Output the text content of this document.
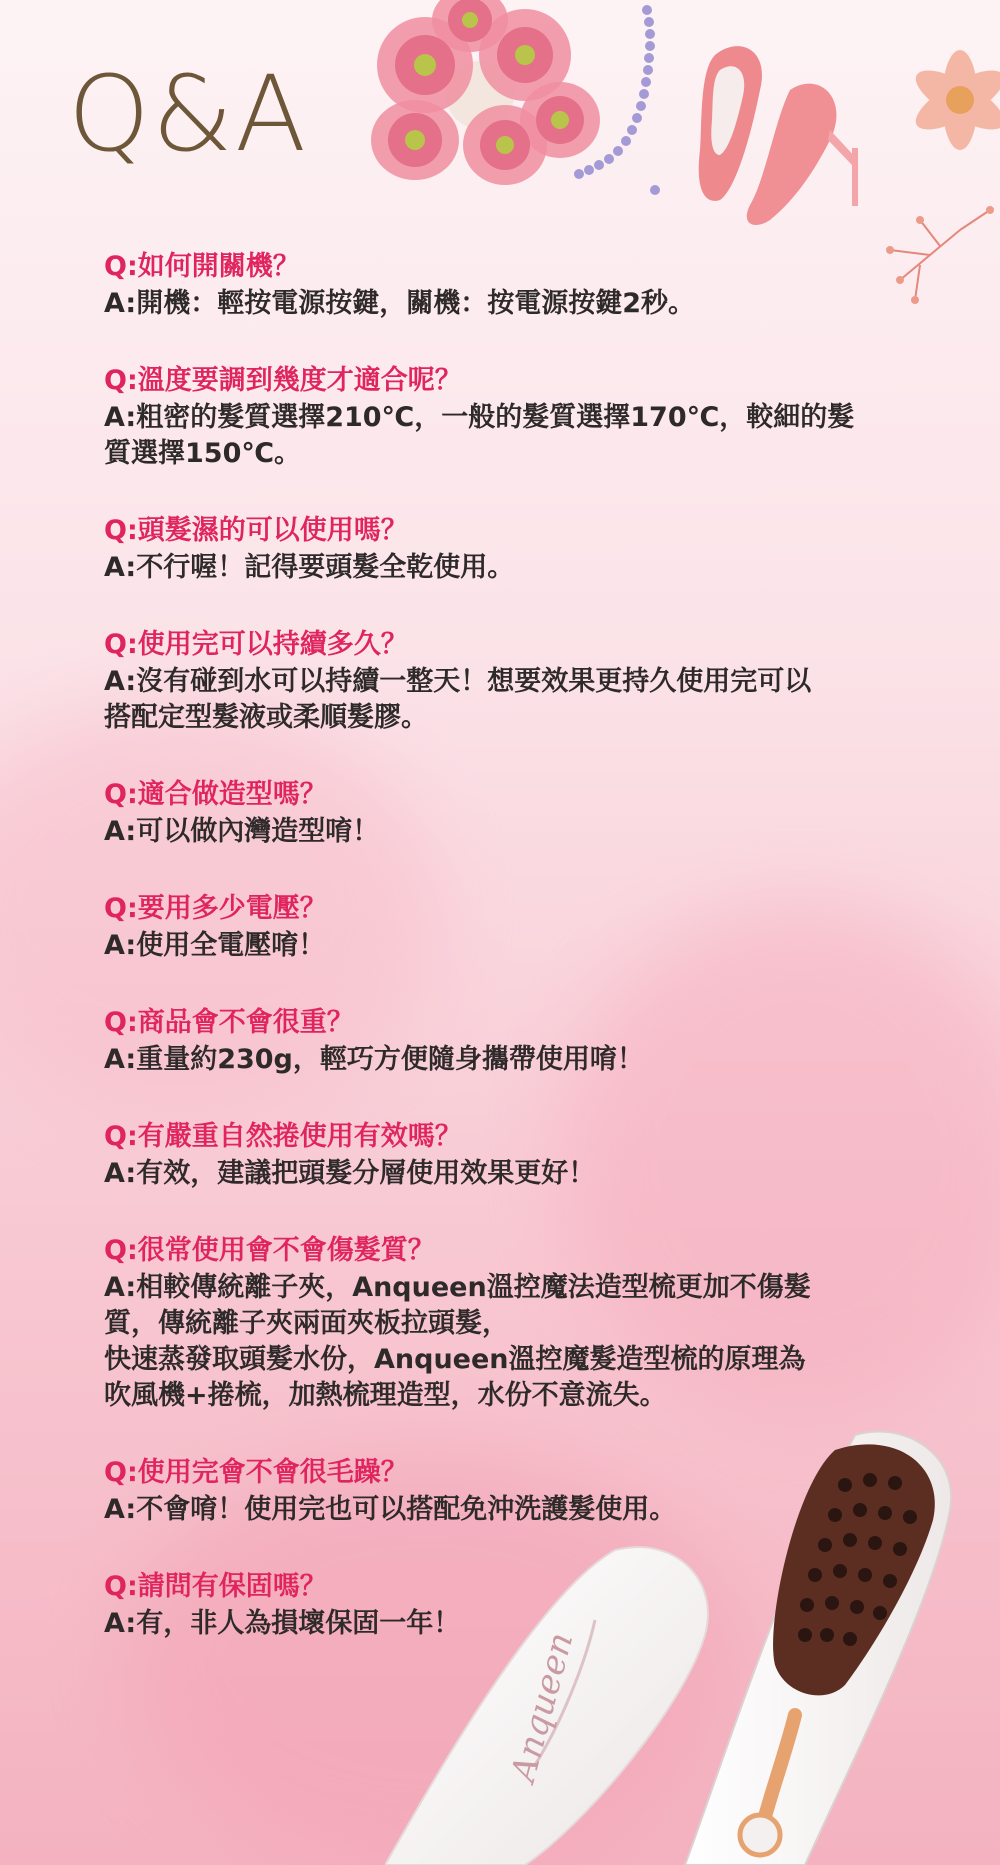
Q&A
Q:如何開關機？
A:開機：輕按電源按鍵，關機：按電源按鍵2秒。
Q:溫度要調到幾度才適合呢？
A:粗密的髮質選擇210℃，一般的髮質選擇170℃，較細的髮
質選擇150℃。
Q:頭髮濕的可以使用嗎？
A:不行喔！記得要頭髮全乾使用。
Q:使用完可以持續多久？
A:沒有碰到水可以持續一整天！想要效果更持久使用完可以
搭配定型髮液或柔順髮膠。
Q:適合做造型嗎？
A:可以做內灣造型唷！
Q:要用多少電壓？
A:使用全電壓唷！
Q:商品會不會很重？
A:重量約230g，輕巧方便隨身攜帶使用唷！
Q:有嚴重自然捲使用有效嗎？
A:有效，建議把頭髮分層使用效果更好！
Q:很常使用會不會傷髮質？
A:相較傳統離子夾，Anqueen溫控魔法造型梳更加不傷髮
質，傳統離子夾兩面夾板拉頭髮，
快速蒸發取頭髮水份，Anqueen溫控魔髮造型梳的原理為
吹風機+捲梳，加熱梳理造型，水份不意流失。
Q:使用完會不會很毛躁？
A:不會唷！使用完也可以搭配免沖洗護髮使用。
Q:請問有保固嗎？
A:有，非人為損壞保固一年！
Anqueen
